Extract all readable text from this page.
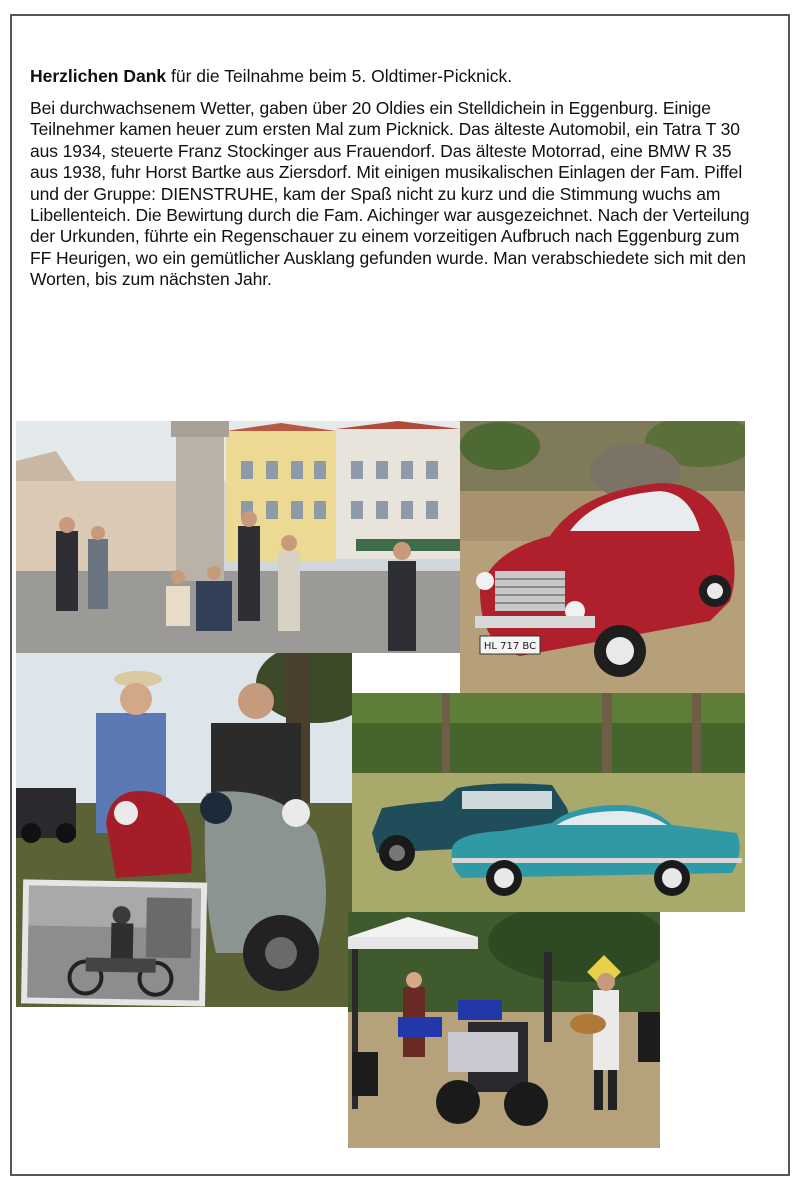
Herzlichen Dank für die Teilnahme beim 5. Oldtimer-Picknick.

Bei durchwachsenem Wetter, gaben über 20 Oldies ein Stelldichein in Eggenburg. Einige Teilnehmer kamen heuer zum ersten Mal zum Picknick. Das älteste Automobil, ein Tatra T 30 aus 1934, steuerte Franz Stockinger aus Frauendorf. Das älteste Motorrad, eine BMW R 35 aus 1938, fuhr Horst Bartke aus Ziersdorf. Mit einigen musikalischen Einlagen der Fam. Piffel und der Gruppe: DIENSTRUHE, kam der Spaß nicht zu kurz und die Stimmung wuchs am Libellenteich. Die Bewirtung durch die Fam. Aichinger war ausgezeichnet. Nach der Verteilung der Urkunden, führte ein Regenschauer zu einem vorzeitigen Aufbruch nach Eggenburg zum FF Heurigen, wo ein gemütlicher Ausklang gefunden wurde. Man verabschiedete sich mit den Worten, bis zum nächsten Jahr.

HL 717 BC
